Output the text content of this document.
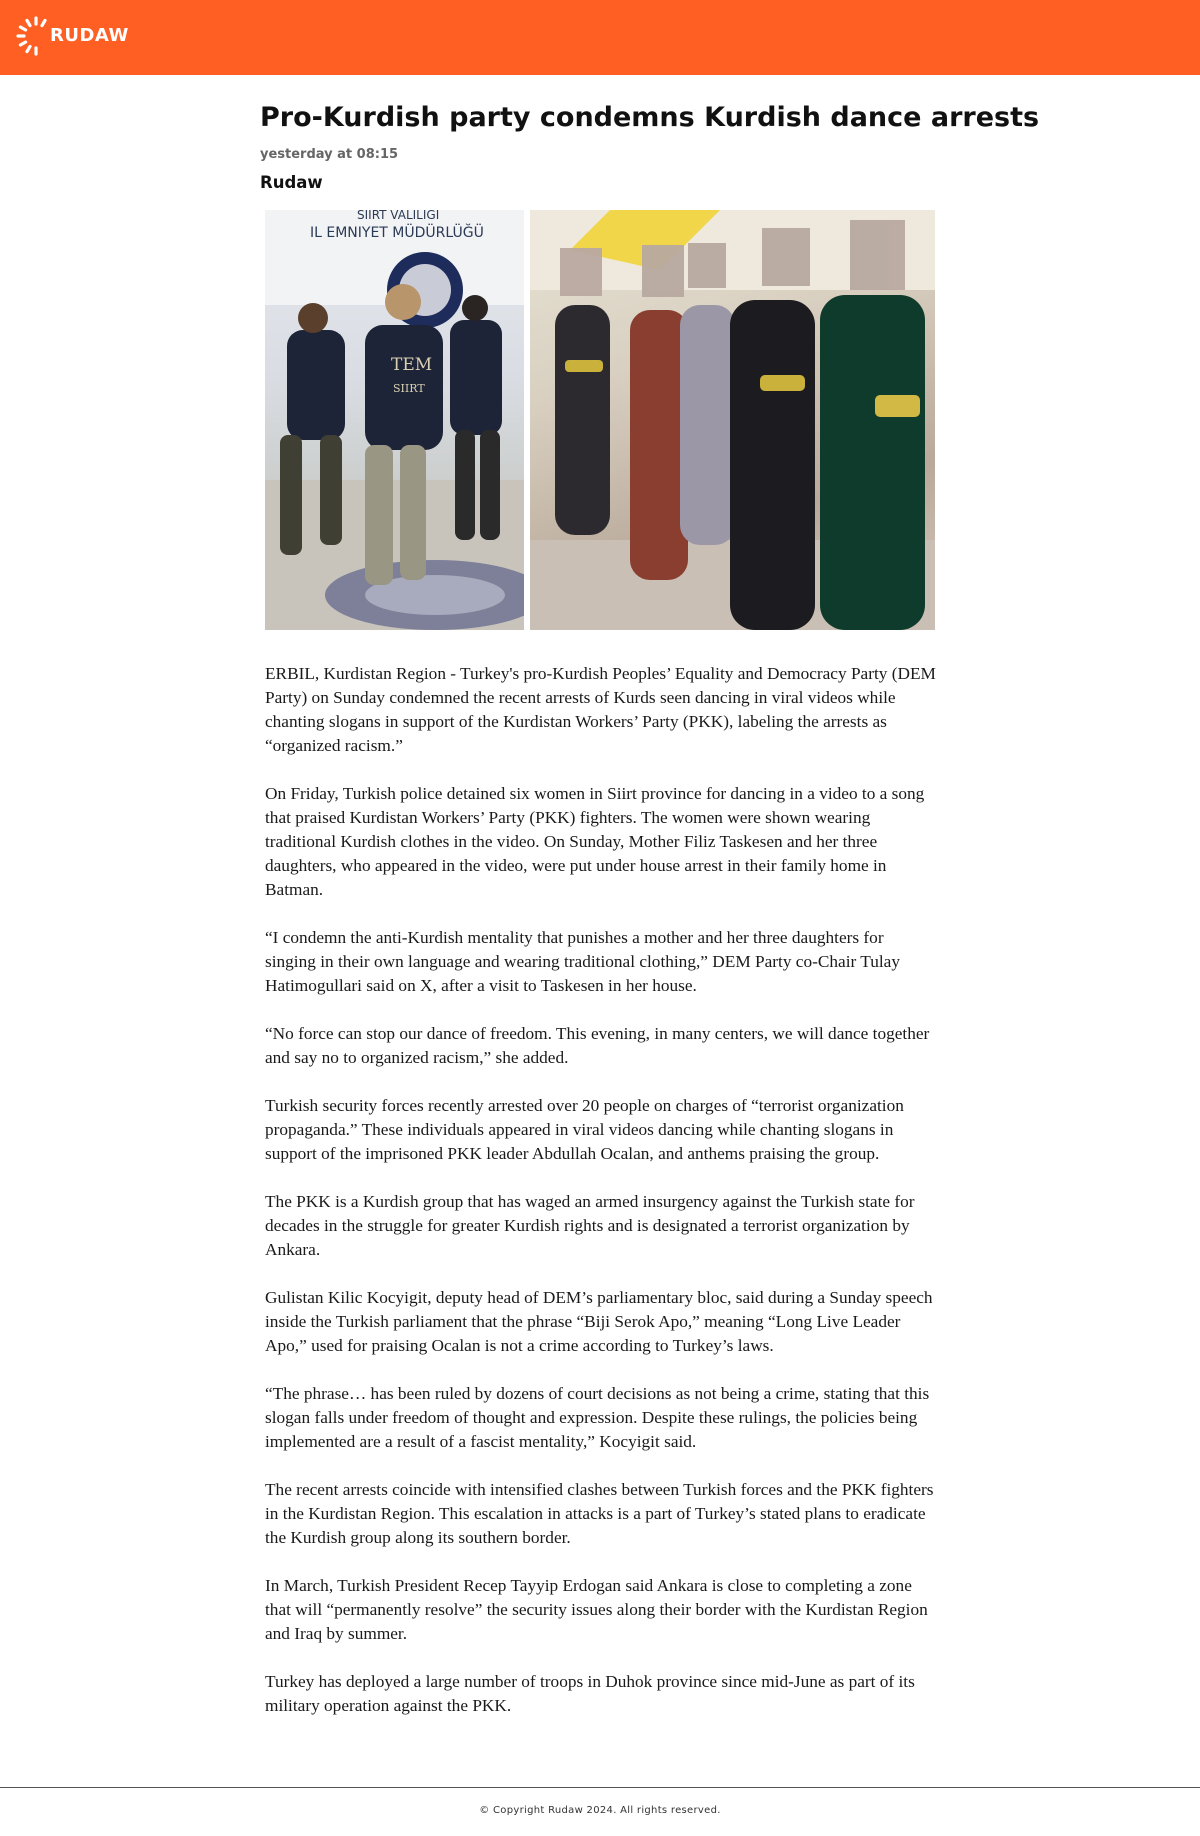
RUDAW
Pro-Kurdish party condemns Kurdish dance arrests
yesterday at 08:15
Rudaw
SIIRT VALILIGI
IL EMNIYET MÜDÜRLÜĞÜ
TEM
SIIRT

ERBIL, Kurdistan Region - Turkey's pro-Kurdish Peoples’ Equality and Democracy Party (DEM Party) on Sunday condemned the recent arrests of Kurds seen dancing in viral videos while chanting slogans in support of the Kurdistan Workers’ Party (PKK), labeling the arrests as “organized racism.”

On Friday, Turkish police detained six women in Siirt province for dancing in a video to a song that praised Kurdistan Workers’ Party (PKK) fighters. The women were shown wearing traditional Kurdish clothes in the video. On Sunday, Mother Filiz Taskesen and her three daughters, who appeared in the video, were put under house arrest in their family home in Batman.

“I condemn the anti-Kurdish mentality that punishes a mother and her three daughters for singing in their own language and wearing traditional clothing,” DEM Party co-Chair Tulay Hatimogullari said on X, after a visit to Taskesen in her house.

“No force can stop our dance of freedom. This evening, in many centers, we will dance together and say no to organized racism,” she added.

Turkish security forces recently arrested over 20 people on charges of “terrorist organization propaganda.” These individuals appeared in viral videos dancing while chanting slogans in support of the imprisoned PKK leader Abdullah Ocalan, and anthems praising the group.

The PKK is a Kurdish group that has waged an armed insurgency against the Turkish state for decades in the struggle for greater Kurdish rights and is designated a terrorist organization by Ankara.

Gulistan Kilic Kocyigit, deputy head of DEM’s parliamentary bloc, said during a Sunday speech inside the Turkish parliament that the phrase “Biji Serok Apo,” meaning “Long Live Leader Apo,” used for praising Ocalan is not a crime according to Turkey’s laws.

“The phrase… has been ruled by dozens of court decisions as not being a crime, stating that this slogan falls under freedom of thought and expression. Despite these rulings, the policies being implemented are a result of a fascist mentality,” Kocyigit said.

The recent arrests coincide with intensified clashes between Turkish forces and the PKK fighters in the Kurdistan Region. This escalation in attacks is a part of Turkey’s stated plans to eradicate the Kurdish group along its southern border.

In March, Turkish President Recep Tayyip Erdogan said Ankara is close to completing a zone that will “permanently resolve” the security issues along their border with the Kurdistan Region and Iraq by summer.

Turkey has deployed a large number of troops in Duhok province since mid-June as part of its military operation against the PKK.

© Copyright Rudaw 2024. All rights reserved.
